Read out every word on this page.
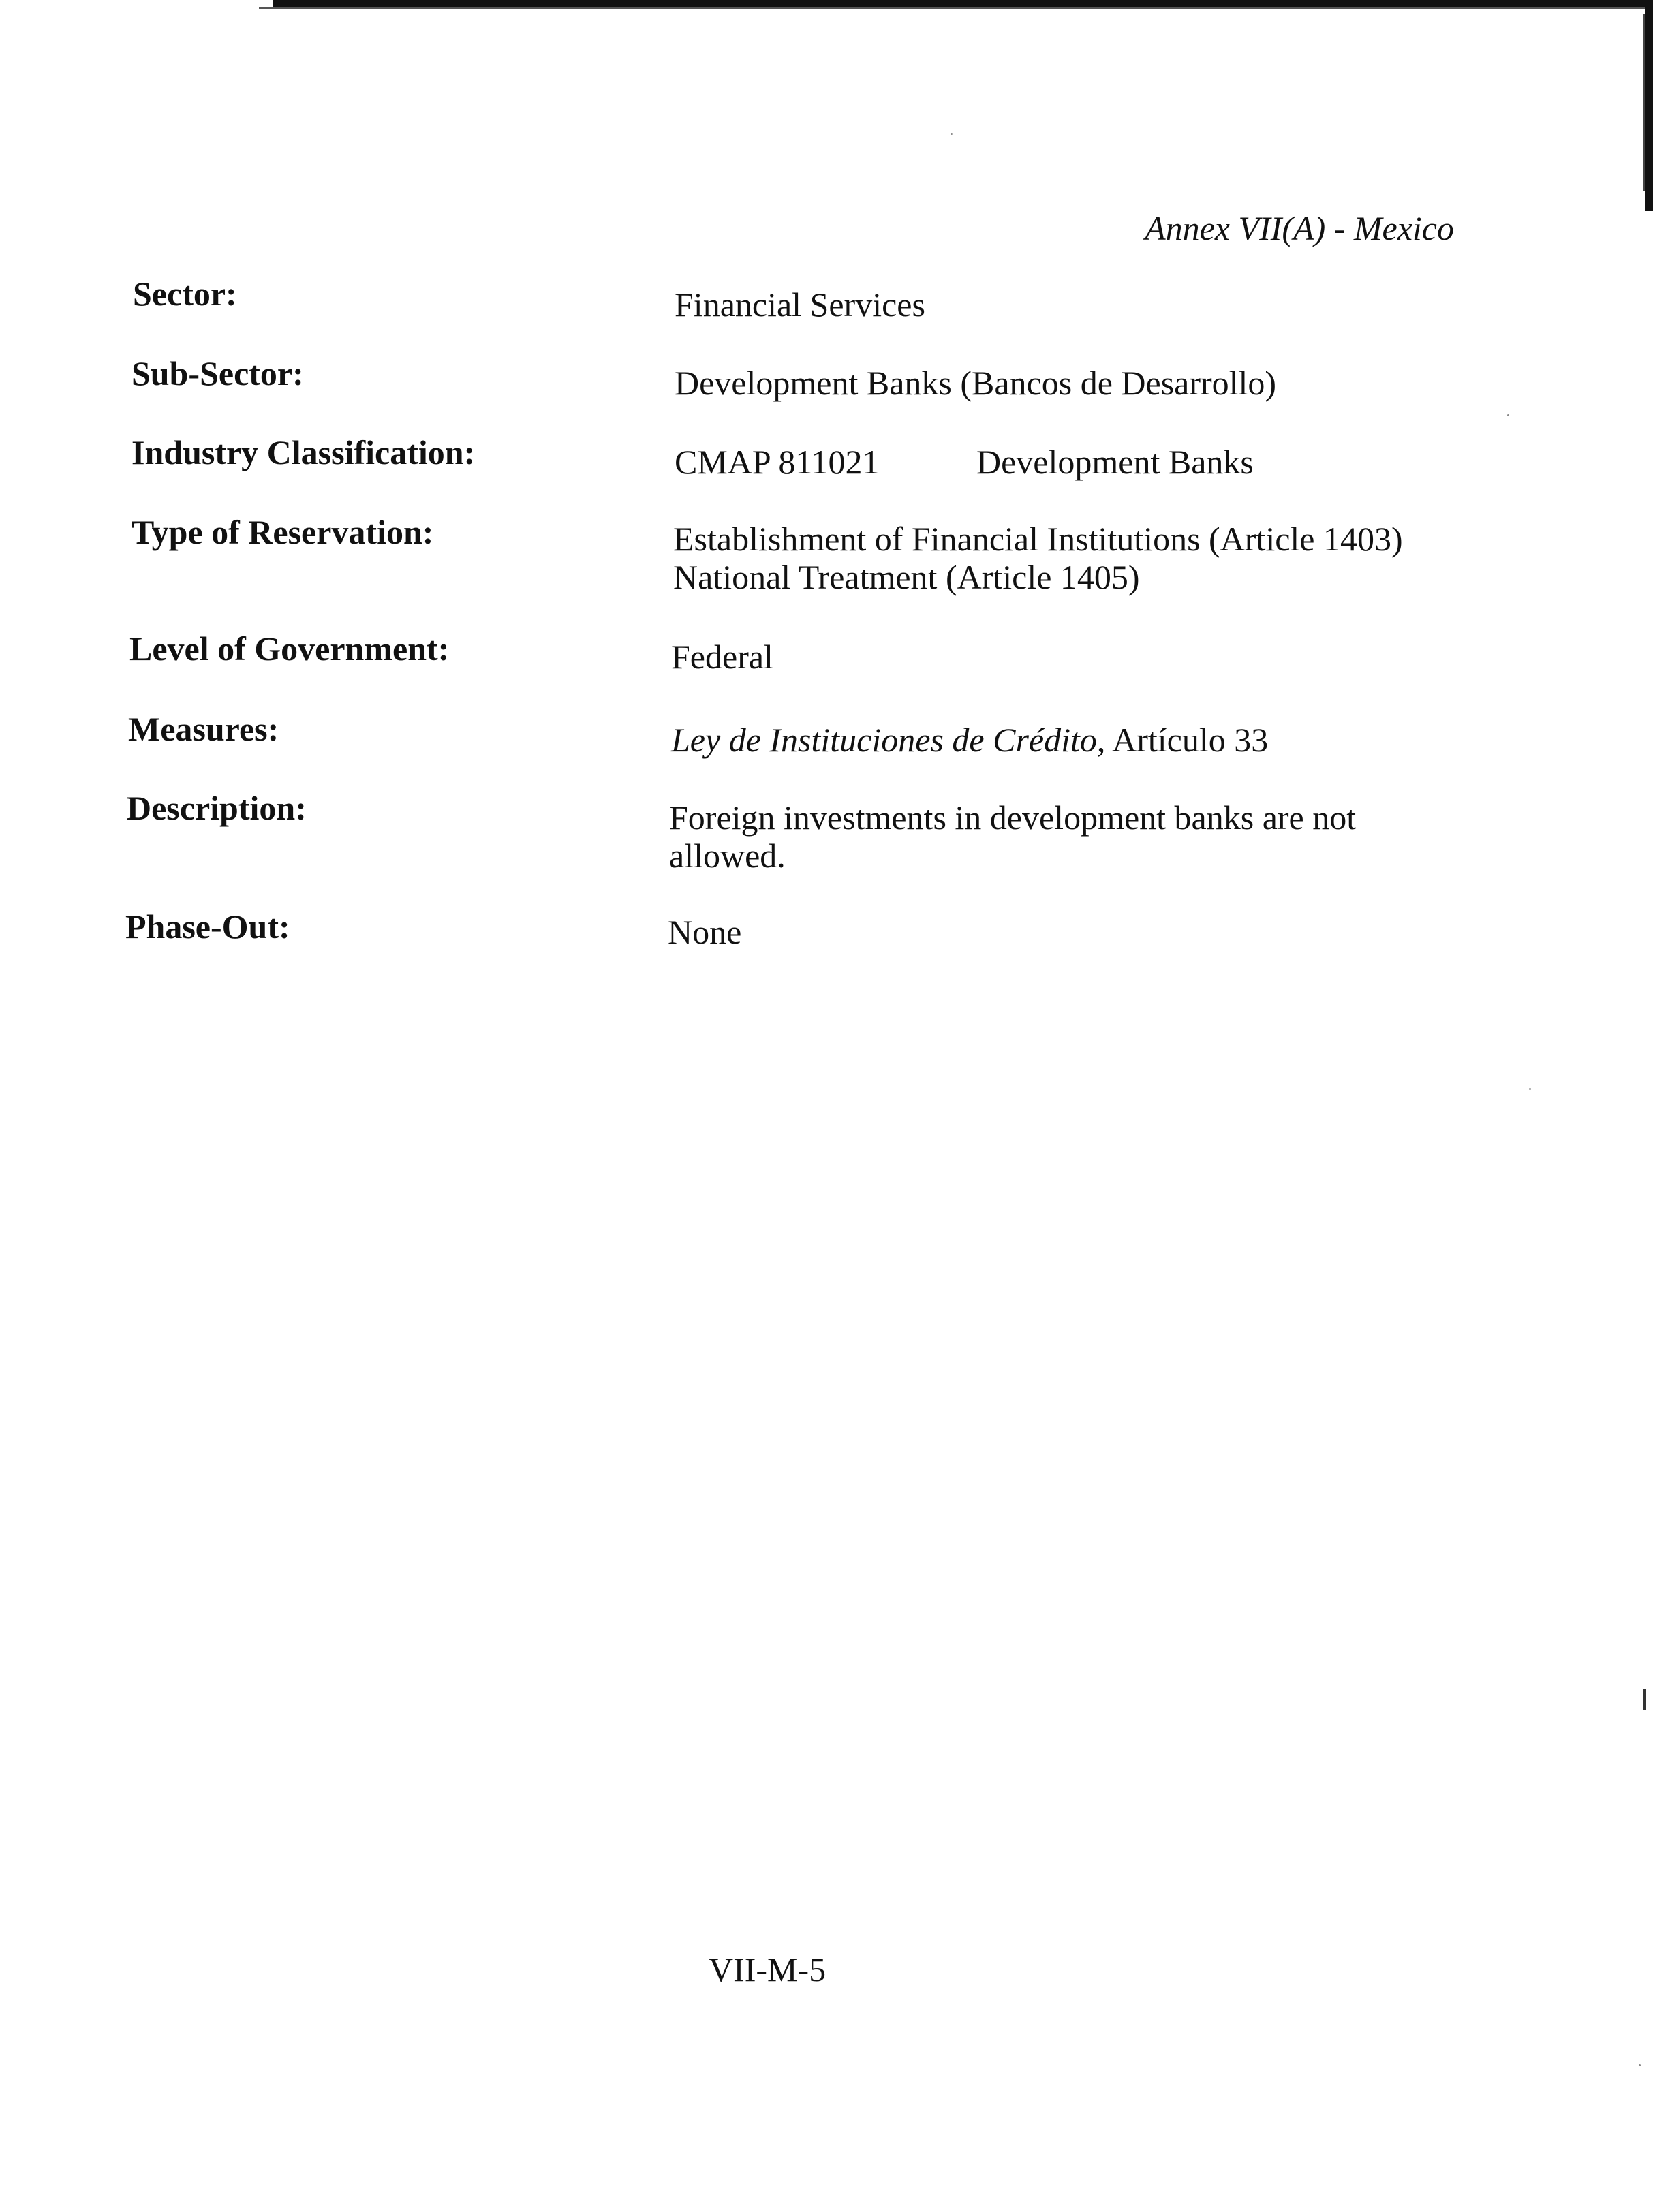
Annex VII(A) - Mexico
Sector:	Financial Services
Sub-Sector:	Development Banks (Bancos de Desarrollo)
Industry Classification:	CMAP 811021	Development Banks
Type of Reservation:	Establishment of Financial Institutions (Article 1403)
National Treatment (Article 1405)
Level of Government:	Federal
Measures:	Ley de Instituciones de Crédito, Artículo 33
Description:	Foreign investments in development banks are not
allowed.
Phase-Out:	None
VII-M-5
